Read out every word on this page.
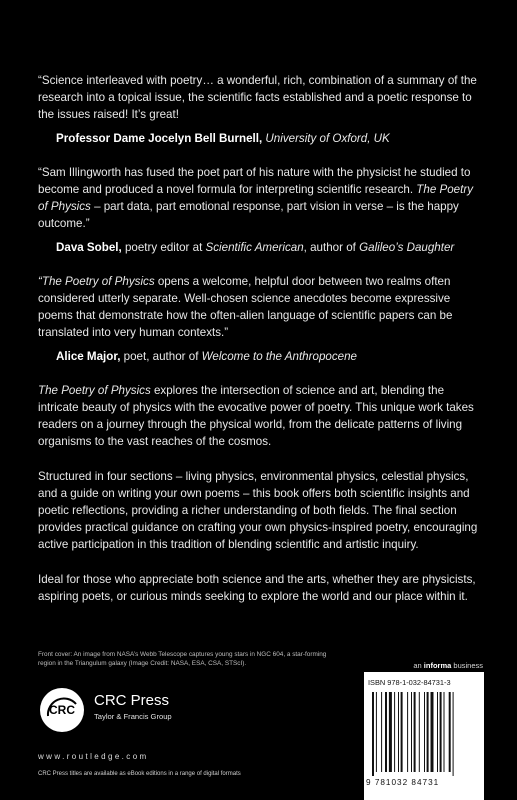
“Science interleaved with poetry… a wonderful, rich, combination of a summary of the research into a topical issue, the scientific facts established and a poetic response to the issues raised! It’s great!

Professor Dame Jocelyn Bell Burnell, University of Oxford, UK

“Sam Illingworth has fused the poet part of his nature with the physicist he studied to become and produced a novel formula for interpreting scientific research. The Poetry of Physics – part data, part emotional response, part vision in verse – is the happy outcome.”

Dava Sobel, poetry editor at Scientific American, author of Galileo’s Daughter

“The Poetry of Physics opens a welcome, helpful door between two realms often considered utterly separate. Well-chosen science anecdotes become expressive poems that demonstrate how the often-alien language of scientific papers can be translated into very human contexts.”

Alice Major, poet, author of Welcome to the Anthropocene

The Poetry of Physics explores the intersection of science and art, blending the intricate beauty of physics with the evocative power of poetry. This unique work takes readers on a journey through the physical world, from the delicate patterns of living organisms to the vast reaches of the cosmos.

Structured in four sections – living physics, environmental physics, celestial physics, and a guide on writing your own poems – this book offers both scientific insights and poetic reflections, providing a richer understanding of both fields. The final section provides practical guidance on crafting your own physics-inspired poetry, encouraging active participation in this tradition of blending scientific and artistic inquiry.

Ideal for those who appreciate both science and the arts, whether they are physicists, aspiring poets, or curious minds seeking to explore the world and our place within it.

Front cover: An image from NASA’s Webb Telescope captures young stars in NGC 604, a star-forming region in the Triangulum galaxy (Image Credit: NASA, ESA, CSA, STScI).	an informa business
CRC
CRC Press
Taylor & Francis Group
www.routledge.com
CRC Press titles are available as eBook editions in a range of digital formats
ISBN 978-1-032-84731-3
9 781032 84731
